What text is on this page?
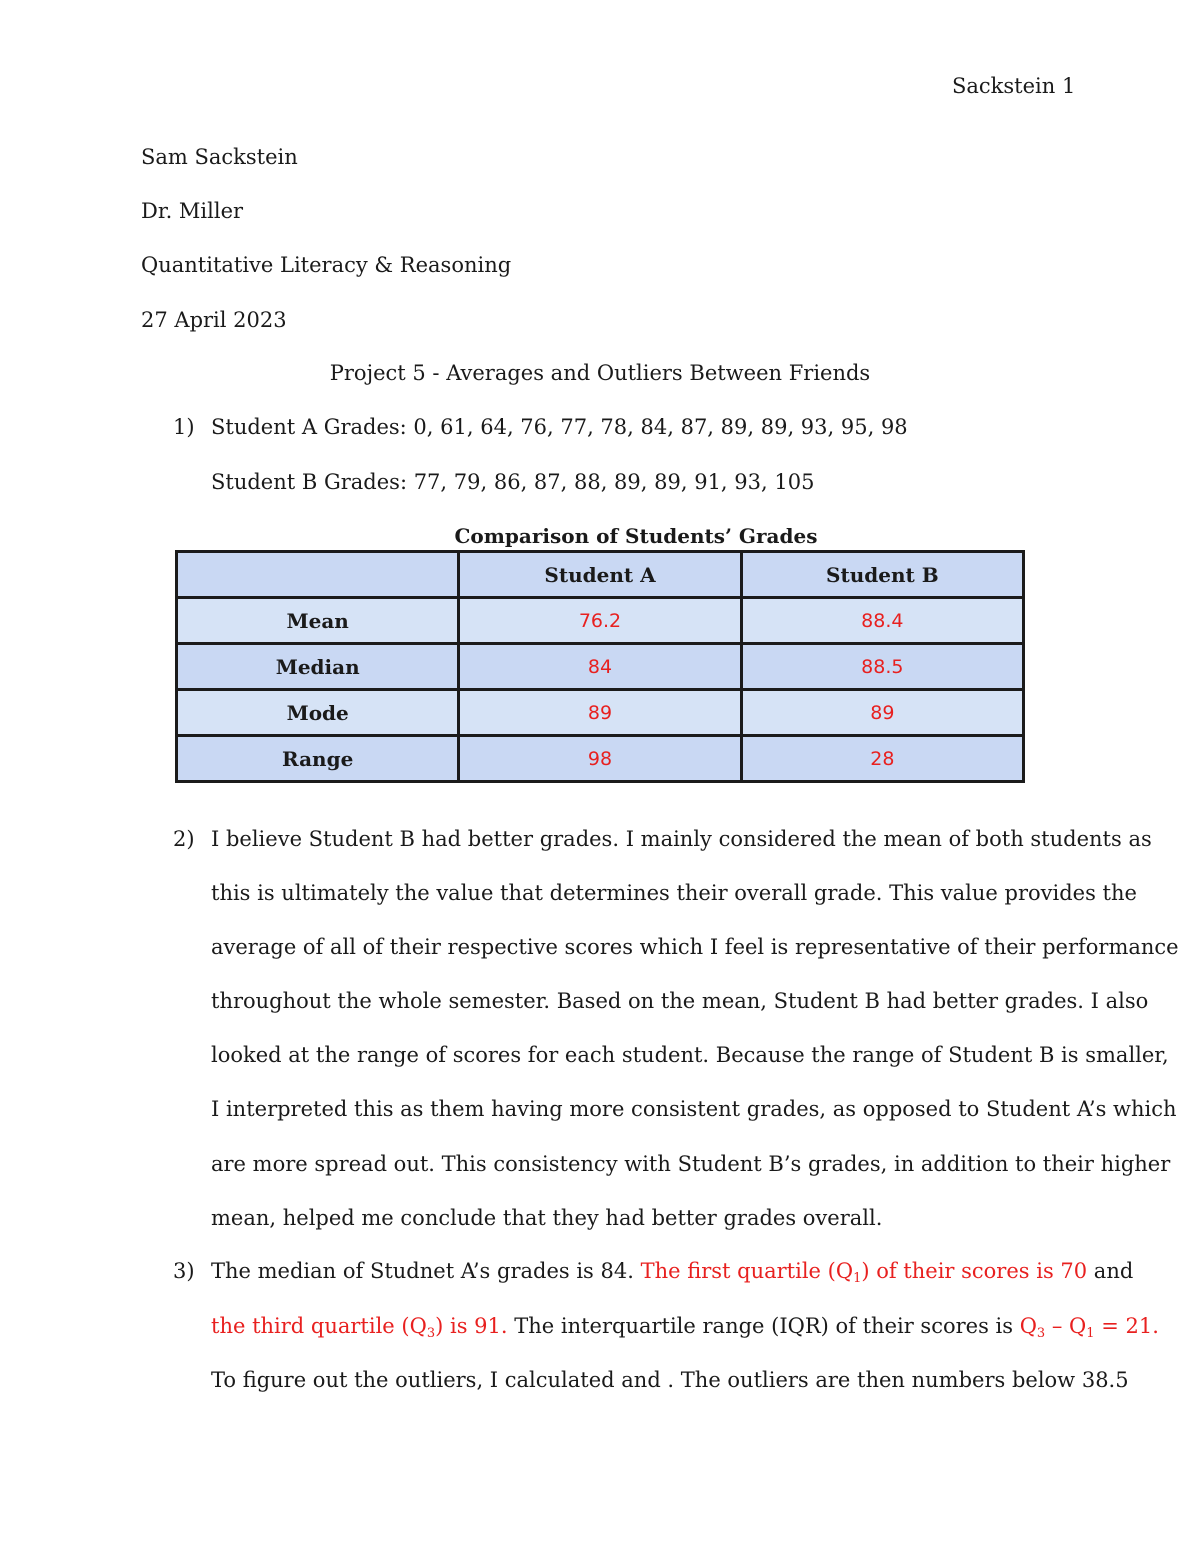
Sackstein 1
Sam Sackstein
Dr. Miller
Quantitative Literacy & Reasoning
27 April 2023
Project 5 - Averages and Outliers Between Friends
1) Student A Grades: 0, 61, 64, 76, 77, 78, 84, 87, 89, 89, 93, 95, 98
Student B Grades: 77, 79, 86, 87, 88, 89, 89, 91, 93, 105
Comparison of Students’ Grades
	Student A	Student B
Mean	76.2	88.4
Median	84	88.5
Mode	89	89
Range	98	28
2) I believe Student B had better grades. I mainly considered the mean of both students as
this is ultimately the value that determines their overall grade. This value provides the
average of all of their respective scores which I feel is representative of their performance
throughout the whole semester. Based on the mean, Student B had better grades. I also
looked at the range of scores for each student. Because the range of Student B is smaller,
I interpreted this as them having more consistent grades, as opposed to Student A’s which
are more spread out. This consistency with Student B’s grades, in addition to their higher
mean, helped me conclude that they had better grades overall.
3) The median of Studnet A’s grades is 84. The first quartile $(Q_1)$ of their scores is 70 and
the third quartile $(Q_3)$ is 91. The interquartile range (IQR) of their scores is $Q_3 - Q_1 = 21$.
To figure out the outliers, I calculated and . The outliers are then numbers below 38.5
